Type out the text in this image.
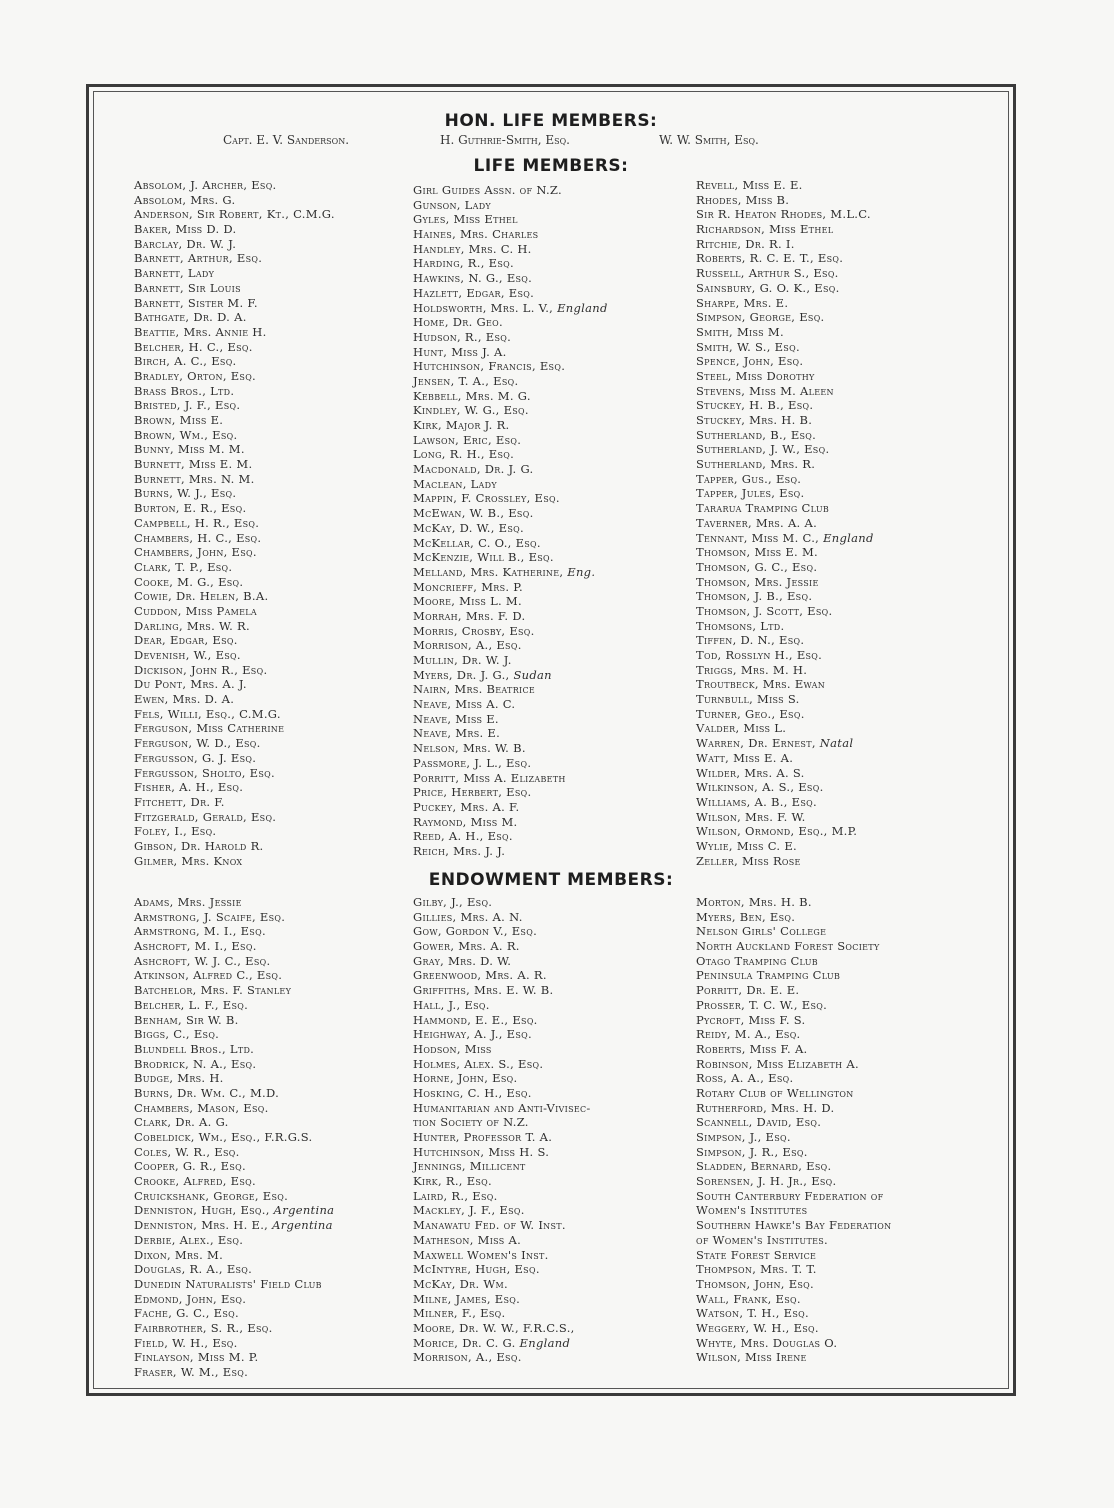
HON. LIFE MEMBERS:
Capt. E. V. Sanderson.	H. Guthrie-Smith, Esq.	W. W. Smith, Esq.
LIFE MEMBERS:
Absolom, J. Archer, Esq.
Absolom, Mrs. G.
Anderson, Sir Robert, Kt., C.M.G.
Baker, Miss D. D.
Barclay, Dr. W. J.
Barnett, Arthur, Esq.
Barnett, Lady
Barnett, Sir Louis
Barnett, Sister M. F.
Bathgate, Dr. D. A.
Beattie, Mrs. Annie H.
Belcher, H. C., Esq.
Birch, A. C., Esq.
Bradley, Orton, Esq.
Brass Bros., Ltd.
Bristed, J. F., Esq.
Brown, Miss E.
Brown, Wm., Esq.
Bunny, Miss M. M.
Burnett, Miss E. M.
Burnett, Mrs. N. M.
Burns, W. J., Esq.
Burton, E. R., Esq.
Campbell, H. R., Esq.
Chambers, H. C., Esq.
Chambers, John, Esq.
Clark, T. P., Esq.
Cooke, M. G., Esq.
Cowie, Dr. Helen, B.A.
Cuddon, Miss Pamela
Darling, Mrs. W. R.
Dear, Edgar, Esq.
Devenish, W., Esq.
Dickison, John R., Esq.
Du Pont, Mrs. A. J.
Ewen, Mrs. D. A.
Fels, Willi, Esq., C.M.G.
Ferguson, Miss Catherine
Ferguson, W. D., Esq.
Fergusson, G. J. Esq.
Fergusson, Sholto, Esq.
Fisher, A. H., Esq.
Fitchett, Dr. F.
Fitzgerald, Gerald, Esq.
Foley, I., Esq.
Gibson, Dr. Harold R.
Gilmer, Mrs. Knox
Girl Guides Assn. of N.Z.
Gunson, Lady
Gyles, Miss Ethel
Haines, Mrs. Charles
Handley, Mrs. C. H.
Harding, R., Esq.
Hawkins, N. G., Esq.
Hazlett, Edgar, Esq.
Holdsworth, Mrs. L. V., England
Home, Dr. Geo.
Hudson, R., Esq.
Hunt, Miss J. A.
Hutchinson, Francis, Esq.
Jensen, T. A., Esq.
Kebbell, Mrs. M. G.
Kindley, W. G., Esq.
Kirk, Major J. R.
Lawson, Eric, Esq.
Long, R. H., Esq.
Macdonald, Dr. J. G.
Maclean, Lady
Mappin, F. Crossley, Esq.
McEwan, W. B., Esq.
McKay, D. W., Esq.
McKellar, C. O., Esq.
McKenzie, Will B., Esq.
Melland, Mrs. Katherine, Eng.
Moncrieff, Mrs. P.
Moore, Miss L. M.
Morrah, Mrs. F. D.
Morris, Crosby, Esq.
Morrison, A., Esq.
Mullin, Dr. W. J.
Myers, Dr. J. G., Sudan
Nairn, Mrs. Beatrice
Neave, Miss A. C.
Neave, Miss E.
Neave, Mrs. E.
Nelson, Mrs. W. B.
Passmore, J. L., Esq.
Porritt, Miss A. Elizabeth
Price, Herbert, Esq.
Puckey, Mrs. A. F.
Raymond, Miss M.
Reed, A. H., Esq.
Reich, Mrs. J. J.
Revell, Miss E. E.
Rhodes, Miss B.
Sir R. Heaton Rhodes, M.L.C.
Richardson, Miss Ethel
Ritchie, Dr. R. I.
Roberts, R. C. E. T., Esq.
Russell, Arthur S., Esq.
Sainsbury, G. O. K., Esq.
Sharpe, Mrs. E.
Simpson, George, Esq.
Smith, Miss M.
Smith, W. S., Esq.
Spence, John, Esq.
Steel, Miss Dorothy
Stevens, Miss M. Aleen
Stuckey, H. B., Esq.
Stuckey, Mrs. H. B.
Sutherland, B., Esq.
Sutherland, J. W., Esq.
Sutherland, Mrs. R.
Tapper, Gus., Esq.
Tapper, Jules, Esq.
Tararua Tramping Club
Taverner, Mrs. A. A.
Tennant, Miss M. C., England
Thomson, Miss E. M.
Thomson, G. C., Esq.
Thomson, Mrs. Jessie
Thomson, J. B., Esq.
Thomson, J. Scott, Esq.
Thomsons, Ltd.
Tiffen, D. N., Esq.
Tod, Rosslyn H., Esq.
Triggs, Mrs. M. H.
Troutbeck, Mrs. Ewan
Turnbull, Miss S.
Turner, Geo., Esq.
Valder, Miss L.
Warren, Dr. Ernest, Natal
Watt, Miss E. A.
Wilder, Mrs. A. S.
Wilkinson, A. S., Esq.
Williams, A. B., Esq.
Wilson, Mrs. F. W.
Wilson, Ormond, Esq., M.P.
Wylie, Miss C. E.
Zeller, Miss Rose
ENDOWMENT MEMBERS:
Adams, Mrs. Jessie
Armstrong, J. Scaife, Esq.
Armstrong, M. I., Esq.
Ashcroft, M. I., Esq.
Ashcroft, W. J. C., Esq.
Atkinson, Alfred C., Esq.
Batchelor, Mrs. F. Stanley
Belcher, L. F., Esq.
Benham, Sir W. B.
Biggs, C., Esq.
Blundell Bros., Ltd.
Brodrick, N. A., Esq.
Budge, Mrs. H.
Burns, Dr. Wm. C., M.D.
Chambers, Mason, Esq.
Clark, Dr. A. G.
Cobeldick, Wm., Esq., F.R.G.S.
Coles, W. R., Esq.
Cooper, G. R., Esq.
Crooke, Alfred, Esq.
Cruickshank, George, Esq.
Denniston, Hugh, Esq., Argentina
Denniston, Mrs. H. E., Argentina
Derbie, Alex., Esq.
Dixon, Mrs. M.
Douglas, R. A., Esq.
Dunedin Naturalists' Field Club
Edmond, John, Esq.
Fache, G. C., Esq.
Fairbrother, S. R., Esq.
Field, W. H., Esq.
Finlayson, Miss M. P.
Fraser, W. M., Esq.
Gilby, J., Esq.
Gillies, Mrs. A. N.
Gow, Gordon V., Esq.
Gower, Mrs. A. R.
Gray, Mrs. D. W.
Greenwood, Mrs. A. R.
Griffiths, Mrs. E. W. B.
Hall, J., Esq.
Hammond, E. E., Esq.
Heighway, A. J., Esq.
Hodson, Miss
Holmes, Alex. S., Esq.
Horne, John, Esq.
Hosking, C. H., Esq.
Humanitarian and Anti-Vivisec-
tion Society of N.Z.
Hunter, Professor T. A.
Hutchinson, Miss H. S.
Jennings, Millicent
Kirk, R., Esq.
Laird, R., Esq.
Mackley, J. F., Esq.
Manawatu Fed. of W. Inst.
Matheson, Miss A.
Maxwell Women's Inst.
McIntyre, Hugh, Esq.
McKay, Dr. Wm.
Milne, James, Esq.
Milner, F., Esq.
Moore, Dr. W. W., F.R.C.S.,
Morice, Dr. C. G. England
Morrison, A., Esq.
Morton, Mrs. H. B.
Myers, Ben, Esq.
Nelson Girls' College
North Auckland Forest Society
Otago Tramping Club
Peninsula Tramping Club
Porritt, Dr. E. E.
Prosser, T. C. W., Esq.
Pycroft, Miss F. S.
Reidy, M. A., Esq.
Roberts, Miss F. A.
Robinson, Miss Elizabeth A.
Ross, A. A., Esq.
Rotary Club of Wellington
Rutherford, Mrs. H. D.
Scannell, David, Esq.
Simpson, J., Esq.
Simpson, J. R., Esq.
Sladden, Bernard, Esq.
Sorensen, J. H. Jr., Esq.
South Canterbury Federation of
Women's Institutes
Southern Hawke's Bay Federation
of Women's Institutes.
State Forest Service
Thompson, Mrs. T. T.
Thomson, John, Esq.
Wall, Frank, Esq.
Watson, T. H., Esq.
Weggery, W. H., Esq.
Whyte, Mrs. Douglas O.
Wilson, Miss Irene
